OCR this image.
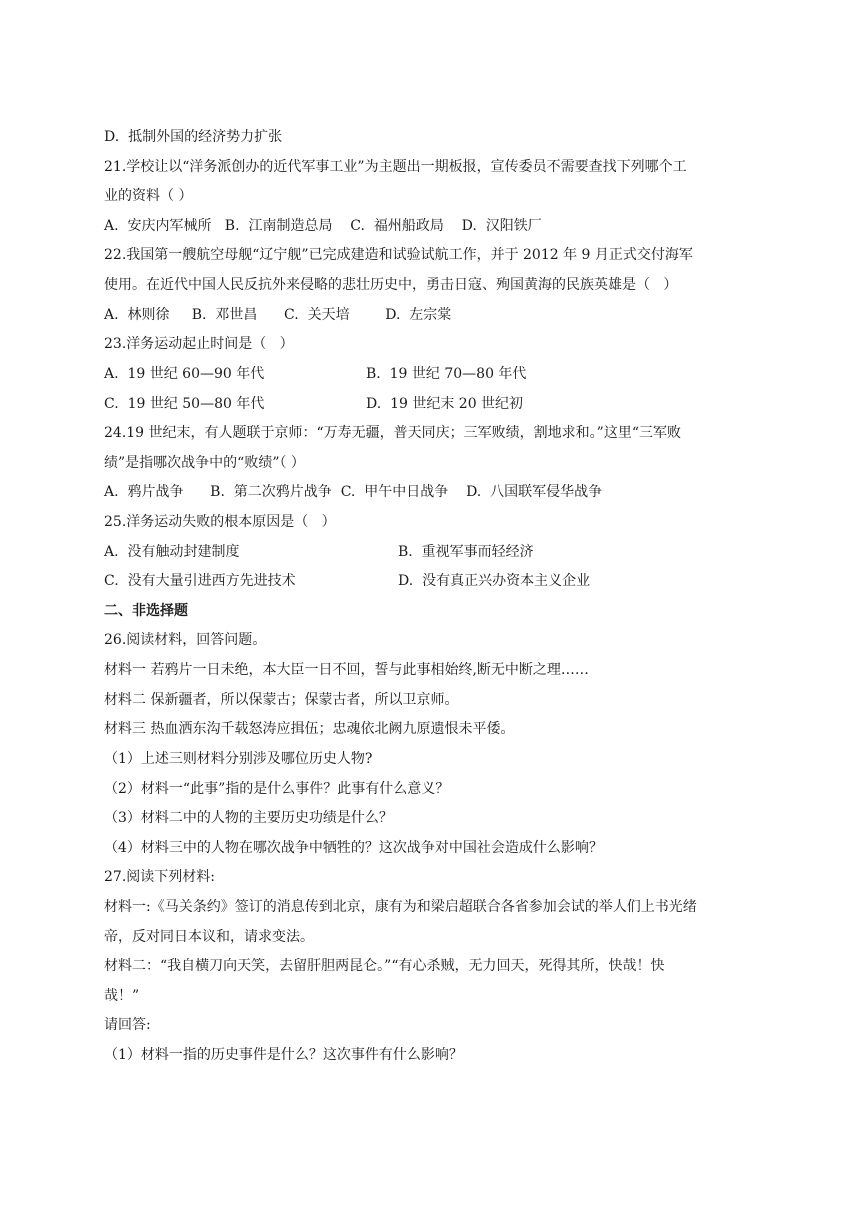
D.  抵制外国的经济势力扩张
21.学校让以“洋务派创办的近代军事工业”为主题出一期板报，宣传委员不需要查找下列哪个工
业的资料（ ）
A.  安庆内军械所   B.  江南制造总局    C.  福州船政局    D.  汉阳铁厂
22.我国第一艘航空母舰“辽宁舰”已完成建造和试验试航工作，并于 2012 年 9 月正式交付海军
使用。在近代中国人民反抗外来侵略的悲壮历史中，勇击日寇、殉国黄海的民族英雄是（   ）
A.  林则徐     B.  邓世昌      C.  关天培        D.  左宗棠
23.洋务运动起止时间是（   ）
A.  19 世纪 60—90 年代	B.  19 世纪 70—80 年代
C.  19 世纪 50—80 年代	D.  19 世纪末 20 世纪初
24.19 世纪末，有人题联于京师：“万寿无疆，普天同庆；三军败绩，割地求和。”这里“三军败
绩”是指哪次战争中的“败绩”（ ）
A.  鸦片战争      B.  第二次鸦片战争  C.  甲午中日战争    D.  八国联军侵华战争
25.洋务运动失败的根本原因是（   ）
A.  没有触动封建制度	B.  重视军事而轻经济
C.  没有大量引进西方先进技术	D.  没有真正兴办资本主义企业
二、非选择题
26.阅读材料，回答问题。
材料一 若鸦片一日未绝，本大臣一日不回，誓与此事相始终,断无中断之理……
材料二 保新疆者，所以保蒙古；保蒙古者，所以卫京师。
材料三 热血洒东沟千载怒涛应揖伍；忠魂依北阙九原遗恨未平倭。
（1）上述三则材料分别涉及哪位历史人物?
（2）材料一“此事”指的是什么事件？此事有什么意义？
（3）材料二中的人物的主要历史功绩是什么？
（4）材料三中的人物在哪次战争中牺牲的？这次战争对中国社会造成什么影响？
27.阅读下列材料:
材料一:《马关条约》签订的消息传到北京，康有为和梁启超联合各省参加会试的举人们上书光绪
帝，反对同日本议和，请求变法。
材料二：“我自横刀向天笑，去留肝胆两昆仑。”“有心杀贼，无力回天，死得其所，快哉！快
哉！”
请回答:
（1）材料一指的历史事件是什么？这次事件有什么影响？
